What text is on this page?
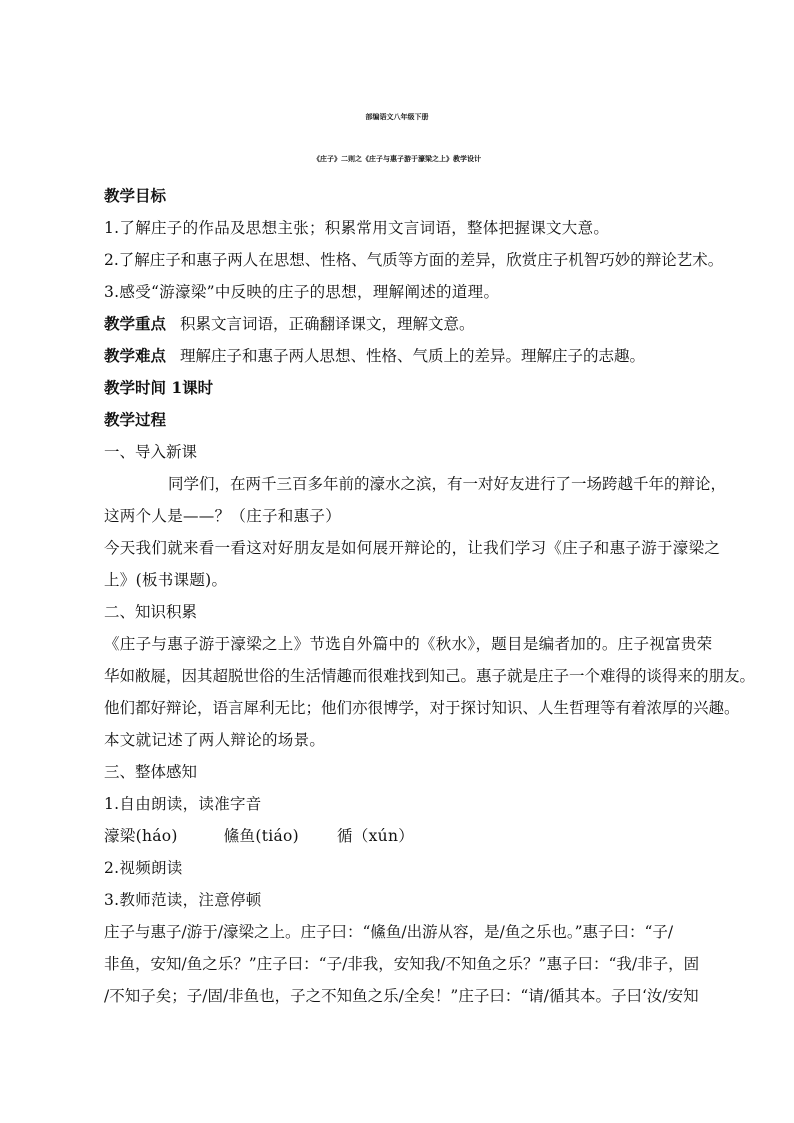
部编语文八年级下册
《庄子》二则之《庄子与惠子游于濠梁之上》教学设计
教学目标
1.了解庄子的作品及思想主张；积累常用文言词语，整体把握课文大意。
2.了解庄子和惠子两人在思想、性格、气质等方面的差异，欣赏庄子机智巧妙的辩论艺术。
3.感受“游濠梁”中反映的庄子的思想，理解阐述的道理。
教学重点 积累文言词语，正确翻译课文，理解文意。
教学难点 理解庄子和惠子两人思想、性格、气质上的差异。理解庄子的志趣。
教学时间 1课时
教学过程
一、导入新课
同学们，在两千三百多年前的濠水之滨，有一对好友进行了一场跨越千年的辩论，
这两个人是——？（庄子和惠子）
今天我们就来看一看这对好朋友是如何展开辩论的，让我们学习《庄子和惠子游于濠梁之
上》(板书课题)。
二、知识积累
《庄子与惠子游于濠梁之上》节选自外篇中的《秋水》，题目是编者加的。庄子视富贵荣
华如敝屣，因其超脱世俗的生活情趣而很难找到知己。惠子就是庄子一个难得的谈得来的朋友。
他们都好辩论，语言犀利无比；他们亦很博学，对于探讨知识、人生哲理等有着浓厚的兴趣。
本文就记述了两人辩论的场景。
三、整体感知
1.自由朗读，读准字音
濠梁(háo)	鯈鱼(tiáo) 循（xún）
2.视频朗读
3.教师范读，注意停顿
庄子与惠子/游于/濠梁之上。庄子曰：“鯈鱼/出游从容，是/鱼之乐也。”惠子曰：“子/
非鱼，安知/鱼之乐？”庄子曰：“子/非我，安知我/不知鱼之乐？”惠子曰：“我/非子，固
/不知子矣；子/固/非鱼也，子之不知鱼之乐/全矣！”庄子曰：“请/循其本。子曰‘汝/安知
